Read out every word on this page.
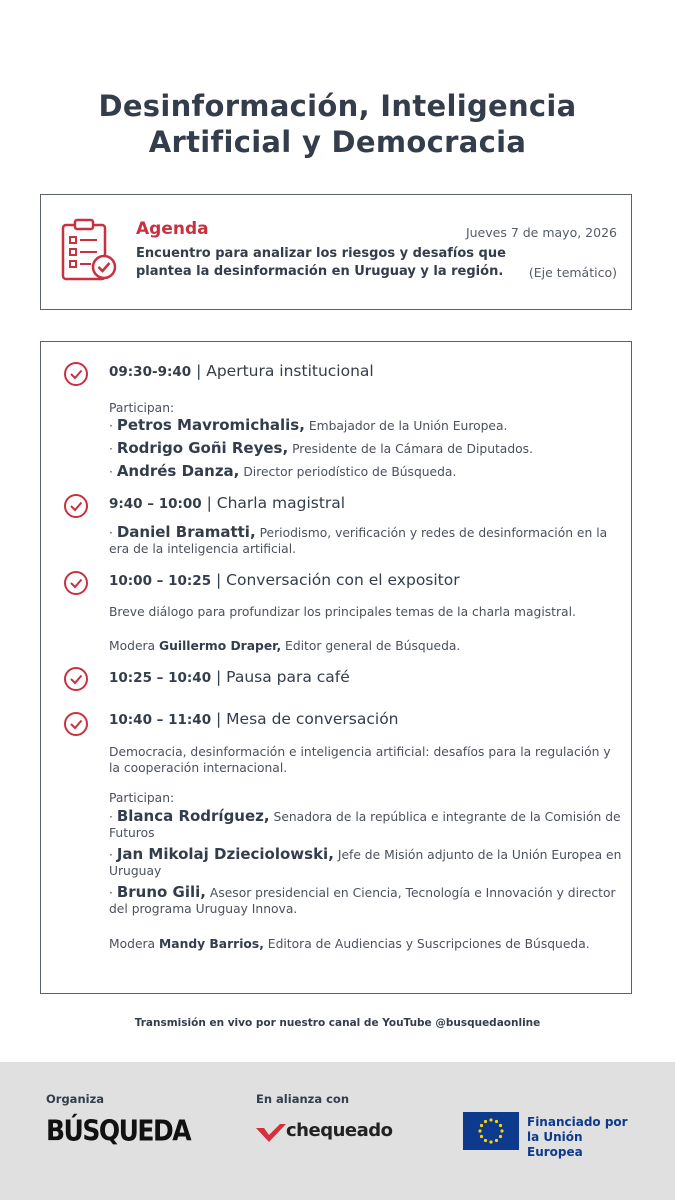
Desinformación, Inteligencia
Artificial y Democracia
Agenda	Jueves 7 de mayo, 2026
Encuentro para analizar los riesgos y desafíos que plantea la desinformación en Uruguay y la región.	(Eje temático)
09:30-9:40 | Apertura institucional
Participan:
· Petros Mavromichalis, Embajador de la Unión Europea.
· Rodrigo Goñi Reyes, Presidente de la Cámara de Diputados.
· Andrés Danza, Director periodístico de Búsqueda.
9:40 – 10:00 | Charla magistral
· Daniel Bramatti, Periodismo, verificación y redes de desinformación en la era de la inteligencia artificial.
10:00 – 10:25 | Conversación con el expositor
Breve diálogo para profundizar los principales temas de la charla magistral.
Modera Guillermo Draper, Editor general de Búsqueda.
10:25 – 10:40 | Pausa para café
10:40 – 11:40 | Mesa de conversación
Democracia, desinformación e inteligencia artificial: desafíos para la regulación y la cooperación internacional.
Participan:
· Blanca Rodríguez, Senadora de la república e integrante de la Comisión de Futuros
· Jan Mikolaj Dzieciolowski, Jefe de Misión adjunto de la Unión Europea en Uruguay
· Bruno Gili, Asesor presidencial en Ciencia, Tecnología e Innovación y director del programa Uruguay Innova.
Modera Mandy Barrios, Editora de Audiencias y Suscripciones de Búsqueda.
Transmisión en vivo por nuestro canal de YouTube @busquedaonline
Organiza
BÚSQUEDA
En alianza con
chequeado	Financiado por
la Unión Europea
